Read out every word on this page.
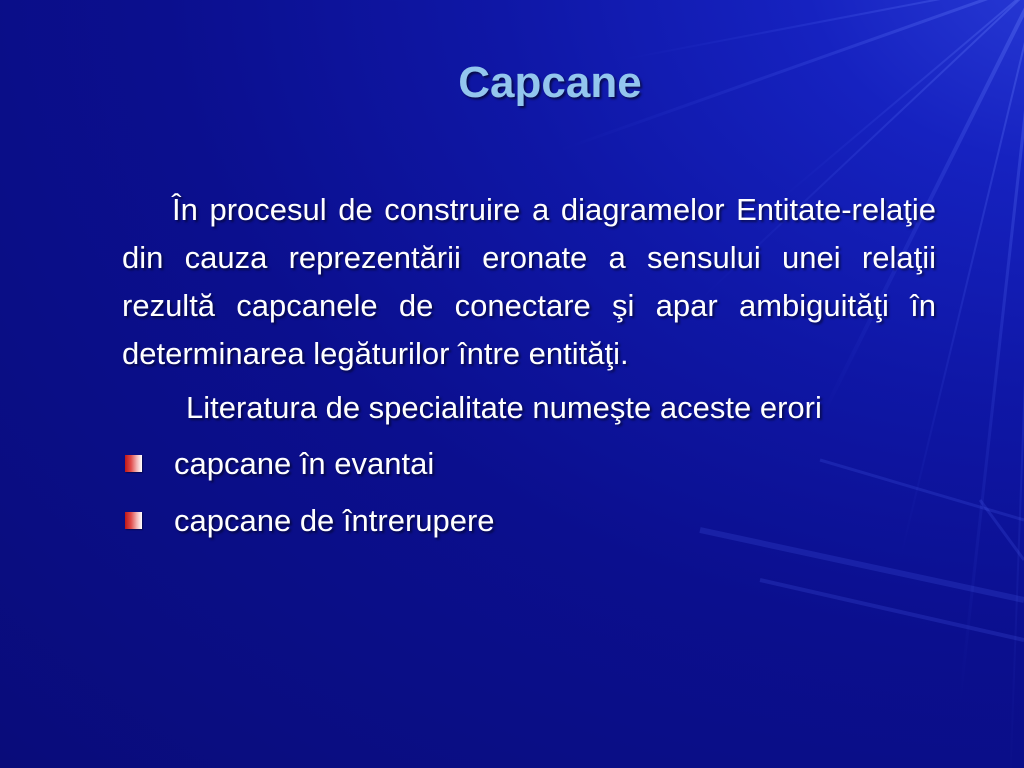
Capcane

În procesul de construire a diagramelor Entitate-relaţie din cauza reprezentării eronate a sensului unei relaţii rezultă capcanele de conectare şi apar ambiguităţi în determinarea legăturilor între entităţi.

Literatura de specialitate numeşte aceste erori

capcane în evantai
capcane de întrerupere
